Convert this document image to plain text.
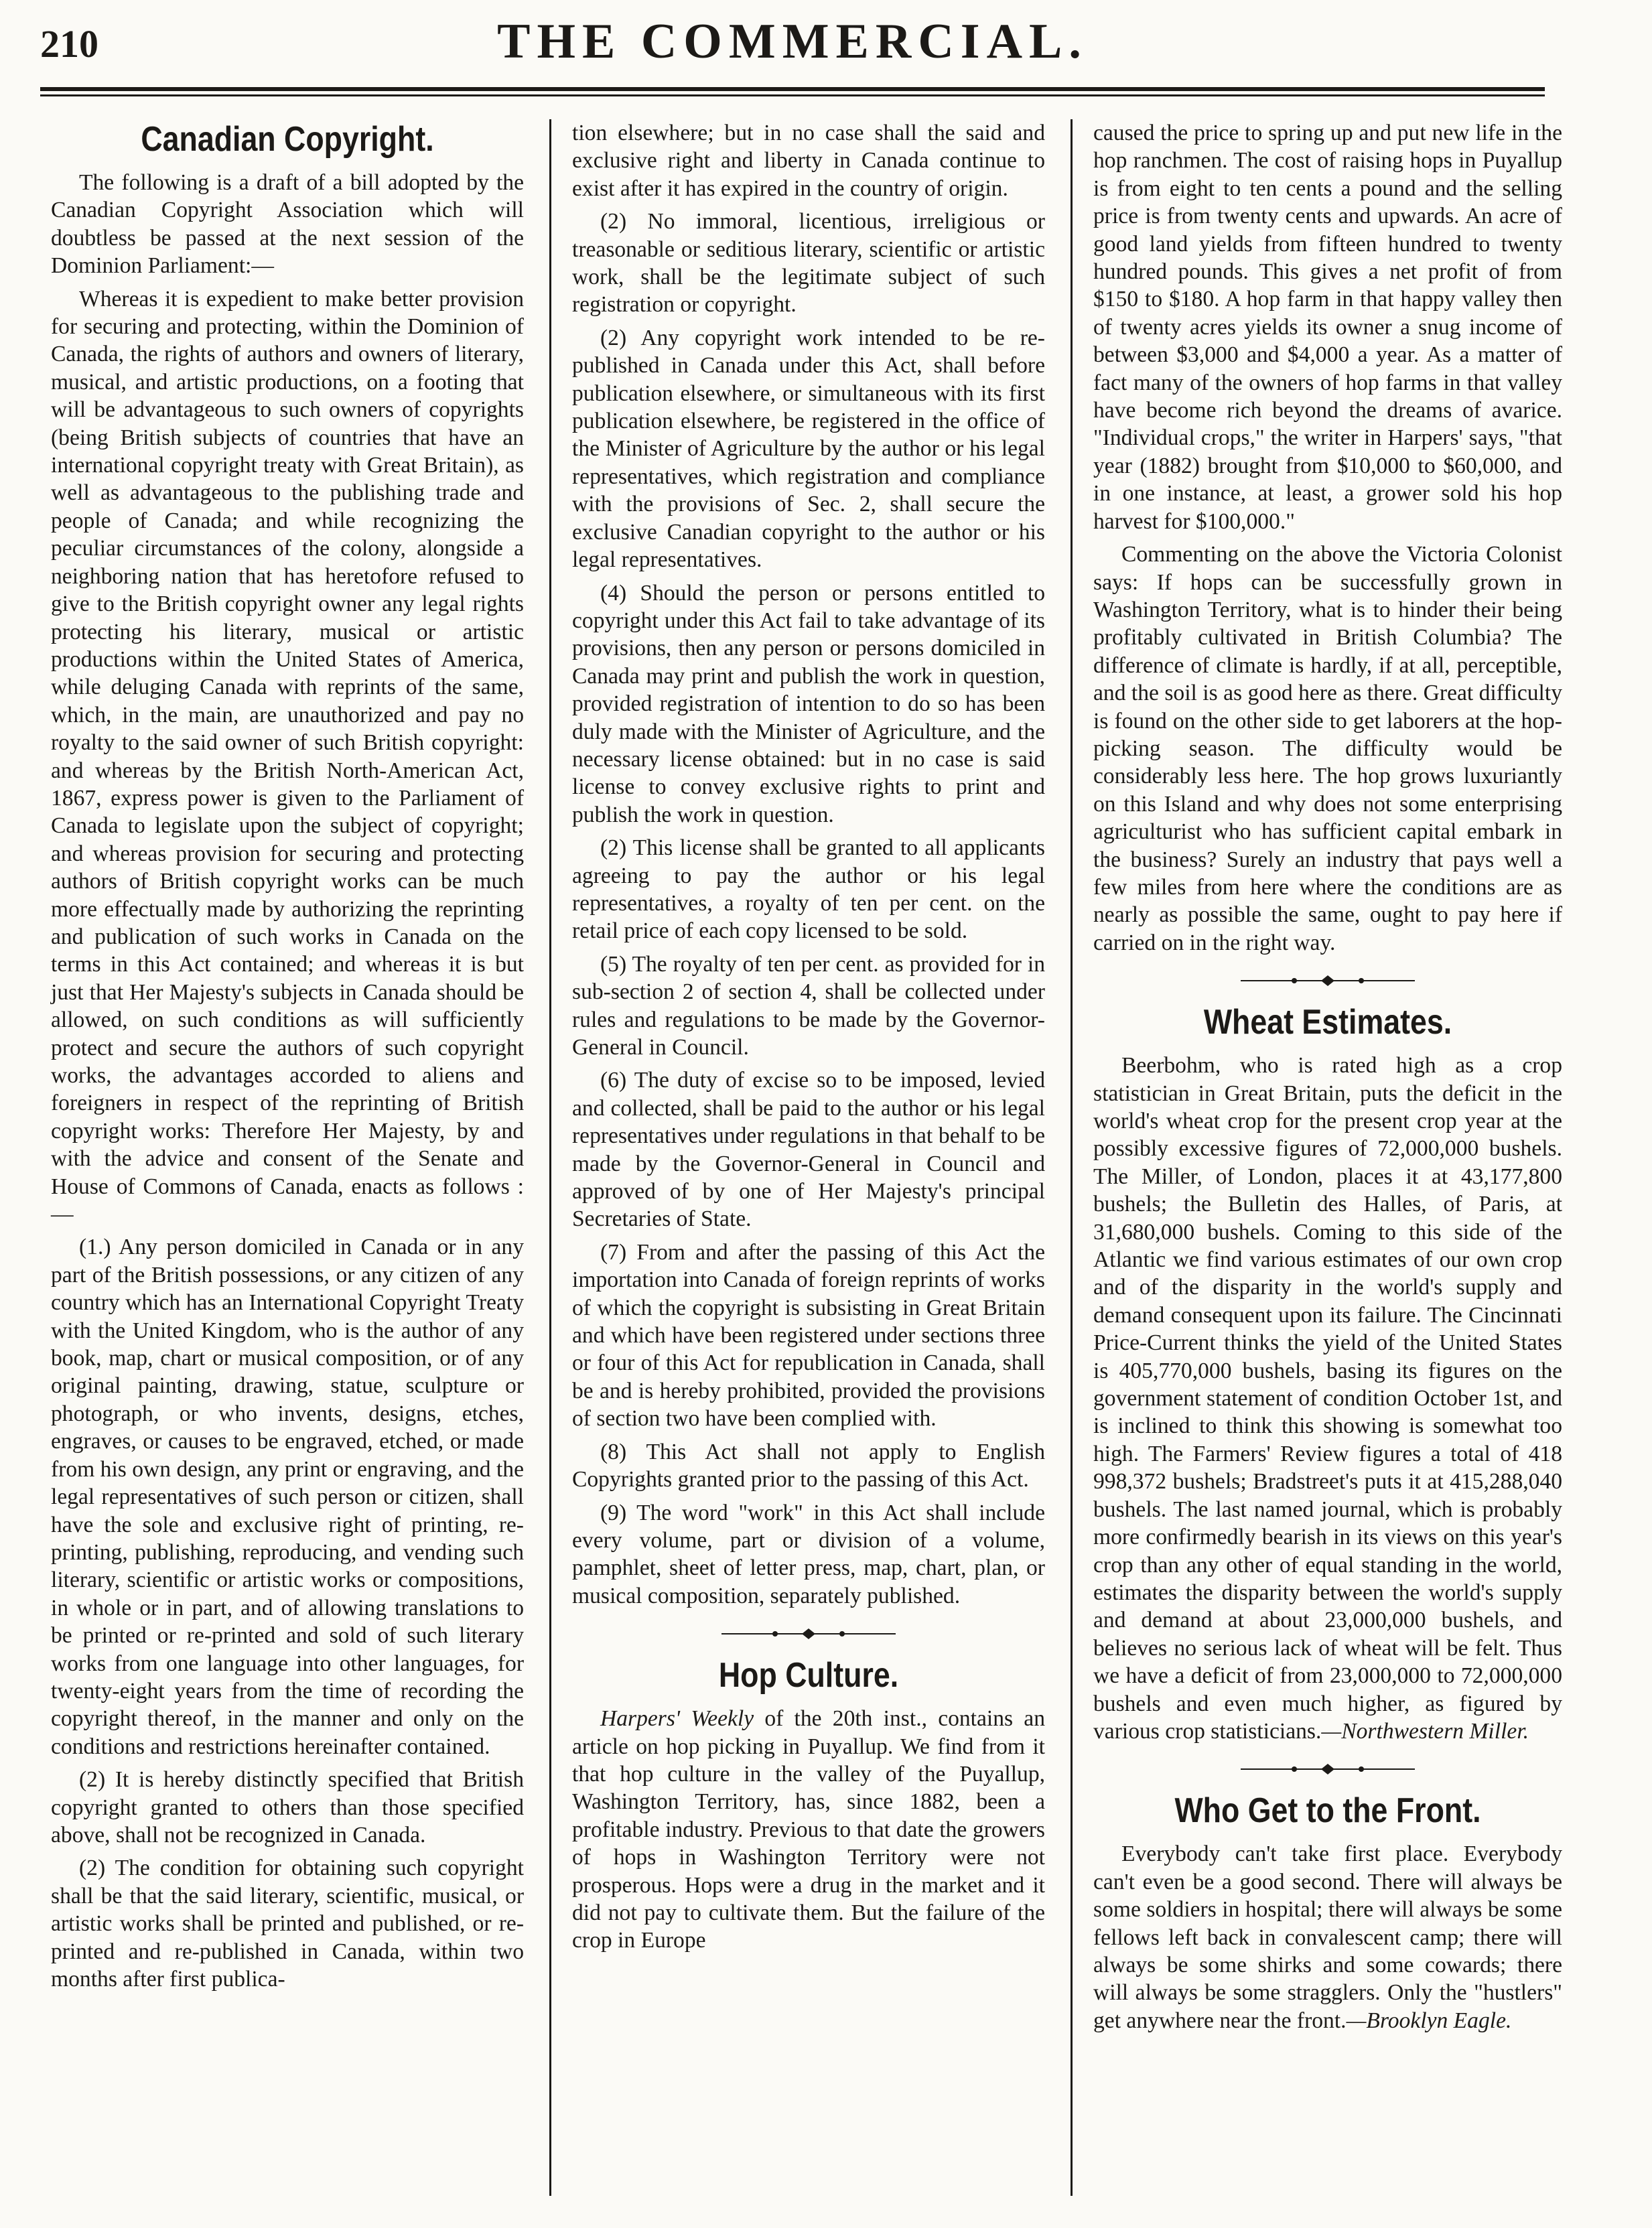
210	THE COMMERCIAL.
Canadian Copyright.

The following is a draft of a bill adopted by the Canadian Copyright Association which will doubtless be passed at the next session of the Dominion Parliament:—

Whereas it is expedient to make better provision for securing and protecting, within the Dominion of Canada, the rights of authors and owners of literary, musical, and artistic productions, on a footing that will be advantageous to such owners of copyrights (being British subjects of countries that have an international copyright treaty with Great Britain), as well as advantageous to the publishing trade and people of Canada; and while recognizing the peculiar circumstances of the colony, alongside a neighboring nation that has heretofore refused to give to the British copyright owner any legal rights protecting his literary, musical or artistic productions within the United States of America, while deluging Canada with reprints of the same, which, in the main, are unauthorized and pay no royalty to the said owner of such British copyright: and whereas by the British North-American Act, 1867, express power is given to the Parliament of Canada to legislate upon the subject of copyright; and whereas provision for securing and protecting authors of British copyright works can be much more effectually made by authorizing the reprinting and publication of such works in Canada on the terms in this Act contained; and whereas it is but just that Her Majesty's subjects in Canada should be allowed, on such conditions as will sufficiently protect and secure the authors of such copyright works, the advantages accorded to aliens and foreigners in respect of the reprinting of British copyright works: Therefore Her Majesty, by and with the advice and consent of the Senate and House of Commons of Canada, enacts as follows :—

(1.) Any person domiciled in Canada or in any part of the British possessions, or any citizen of any country which has an International Copyright Treaty with the United Kingdom, who is the author of any book, map, chart or musical composition, or of any original painting, drawing, statue, sculpture or photograph, or who invents, designs, etches, engraves, or causes to be engraved, etched, or made from his own design, any print or engraving, and the legal representatives of such person or citizen, shall have the sole and exclusive right of printing, re-printing, publishing, reproducing, and vending such literary, scientific or artistic works or compositions, in whole or in part, and of allowing translations to be printed or re-printed and sold of such literary works from one language into other languages, for twenty-eight years from the time of recording the copyright thereof, in the manner and only on the conditions and restrictions hereinafter contained.

(2) It is hereby distinctly specified that British copyright granted to others than those specified above, shall not be recognized in Canada.

(2) The condition for obtaining such copyright shall be that the said literary, scientific, musical, or artistic works shall be printed and published, or re-printed and re-published in Canada, within two months after first publica-

tion elsewhere; but in no case shall the said and exclusive right and liberty in Canada continue to exist after it has expired in the country of origin.

(2) No immoral, licentious, irreligious or treasonable or seditious literary, scientific or artistic work, shall be the legitimate subject of such registration or copyright.

(2) Any copyright work intended to be re-published in Canada under this Act, shall before publication elsewhere, or simultaneous with its first publication elsewhere, be registered in the office of the Minister of Agriculture by the author or his legal representatives, which registration and compliance with the provisions of Sec. 2, shall secure the exclusive Canadian copyright to the author or his legal representatives.

(4) Should the person or persons entitled to copyright under this Act fail to take advantage of its provisions, then any person or persons domiciled in Canada may print and publish the work in question, provided registration of intention to do so has been duly made with the Minister of Agriculture, and the necessary license obtained: but in no case is said license to convey exclusive rights to print and publish the work in question.

(2) This license shall be granted to all applicants agreeing to pay the author or his legal representatives, a royalty of ten per cent. on the retail price of each copy licensed to be sold.

(5) The royalty of ten per cent. as provided for in sub-section 2 of section 4, shall be collected under rules and regulations to be made by the Governor-General in Council.

(6) The duty of excise so to be imposed, levied and collected, shall be paid to the author or his legal representatives under regulations in that behalf to be made by the Governor-General in Council and approved of by one of Her Majesty's principal Secretaries of State.

(7) From and after the passing of this Act the importation into Canada of foreign reprints of works of which the copyright is subsisting in Great Britain and which have been registered under sections three or four of this Act for republication in Canada, shall be and is hereby prohibited, provided the provisions of section two have been complied with.

(8) This Act shall not apply to English Copyrights granted prior to the passing of this Act.

(9) The word "work" in this Act shall include every volume, part or division of a volume, pamphlet, sheet of letter press, map, chart, plan, or musical composition, separately published.

Hop Culture.

Harpers' Weekly of the 20th inst., contains an article on hop picking in Puyallup. We find from it that hop culture in the valley of the Puyallup, Washington Territory, has, since 1882, been a profitable industry. Previous to that date the growers of hops in Washington Territory were not prosperous. Hops were a drug in the market and it did not pay to cultivate them. But the failure of the crop in Europe

caused the price to spring up and put new life in the hop ranchmen. The cost of raising hops in Puyallup is from eight to ten cents a pound and the selling price is from twenty cents and upwards. An acre of good land yields from fifteen hundred to twenty hundred pounds. This gives a net profit of from $150 to $180. A hop farm in that happy valley then of twenty acres yields its owner a snug income of between $3,000 and $4,000 a year. As a matter of fact many of the owners of hop farms in that valley have become rich beyond the dreams of avarice. "Individual crops," the writer in Harpers' says, "that year (1882) brought from $10,000 to $60,000, and in one instance, at least, a grower sold his hop harvest for $100,000."

Commenting on the above the Victoria Colonist says: If hops can be successfully grown in Washington Territory, what is to hinder their being profitably cultivated in British Columbia? The difference of climate is hardly, if at all, perceptible, and the soil is as good here as there. Great difficulty is found on the other side to get laborers at the hop-picking season. The difficulty would be considerably less here. The hop grows luxuriantly on this Island and why does not some enterprising agriculturist who has sufficient capital embark in the business? Surely an industry that pays well a few miles from here where the conditions are as nearly as possible the same, ought to pay here if carried on in the right way.

Wheat Estimates.

Beerbohm, who is rated high as a crop statistician in Great Britain, puts the deficit in the world's wheat crop for the present crop year at the possibly excessive figures of 72,000,000 bushels. The Miller, of London, places it at 43,177,800 bushels; the Bulletin des Halles, of Paris, at 31,680,000 bushels. Coming to this side of the Atlantic we find various estimates of our own crop and of the disparity in the world's supply and demand consequent upon its failure. The Cincinnati Price-Current thinks the yield of the United States is 405,770,000 bushels, basing its figures on the government statement of condition October 1st, and is inclined to think this showing is somewhat too high. The Farmers' Review figures a total of 418 998,372 bushels; Bradstreet's puts it at 415,288,040 bushels. The last named journal, which is probably more confirmedly bearish in its views on this year's crop than any other of equal standing in the world, estimates the disparity between the world's supply and demand at about 23,000,000 bushels, and believes no serious lack of wheat will be felt. Thus we have a deficit of from 23,000,000 to 72,000,000 bushels and even much higher, as figured by various crop statisticians.—Northwestern Miller.

Who Get to the Front.

Everybody can't take first place. Everybody can't even be a good second. There will always be some soldiers in hospital; there will always be some fellows left back in convalescent camp; there will always be some shirks and some cowards; there will always be some stragglers. Only the "hustlers" get anywhere near the front.—Brooklyn Eagle.
